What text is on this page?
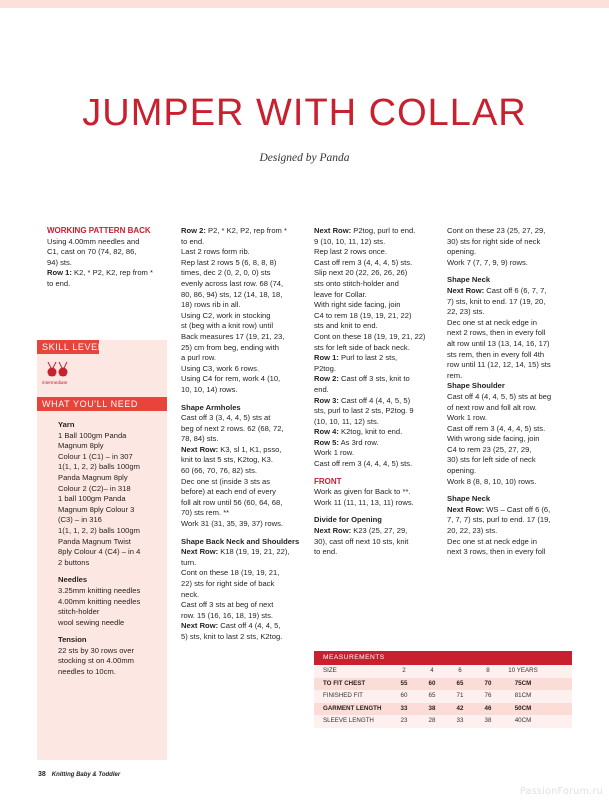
JUMPER WITH COLLAR
Designed by Panda
SKILL LEVEL
intermediate
WHAT YOU'LL NEED

Yarn

1 Ball 100gm Panda

Magnum 8ply

Colour 1 (C1) – in 307

1(1, 1, 2, 2) balls 100gm

Panda Magnum 8ply

Colour 2 (C2)– in 318

1 ball 100gm Panda

Magnum 8ply Colour 3

(C3) – in 316

1(1, 1, 2, 2) balls 100gm

Panda Magnum Twist

8ply Colour 4 (C4) – in 4

2 buttons

Needles

3.25mm knitting needles

4.00mm knitting needles

stitch-holder

wool sewing needle

Tension

22 sts by 30 rows over

stocking st on 4.00mm

needles to 10cm.

WORKING PATTERN BACK

Using 4.00mm needles and

C1, cast on 70 (74, 82, 86,

94) sts.

Row 1: K2, * P2, K2, rep from *

to end.

Row 2: P2, * K2, P2, rep from *

to end.

Last 2 rows form rib.

Rep last 2 rows 5 (6, 8, 8, 8)

times, dec 2 (0, 2, 0, 0) sts

evenly across last row. 68 (74,

80, 86, 94) sts, 12 (14, 18, 18,

18) rows rib in all.

Using C2, work in stocking

st (beg with a knit row) until

Back measures 17 (19, 21, 23,

25) cm from beg, ending with

a purl row.

Using C3, work 6 rows.

Using C4 for rem, work 4 (10,

10, 10, 14) rows.

Shape Armholes

Cast off 3 (3, 4, 4, 5) sts at

beg of next 2 rows. 62 (68, 72,

78, 84) sts.

Next Row: K3, sl 1, K1, psso,

knit to last 5 sts, K2tog, K3.

60 (66, 70, 76, 82) sts.

Dec one st (inside 3 sts as

before) at each end of every

foll alt row until 56 (60, 64, 68,

70) sts rem. **

Work 31 (31, 35, 39, 37) rows.

Shape Back Neck and Shoulders

Next Row: K18 (19, 19, 21, 22),

turn.

Cont on these 18 (19, 19, 21,

22) sts for right side of back

neck.

Cast off 3 sts at beg of next

row. 15 (16, 16, 18, 19) sts.

Next Row: Cast off 4 (4, 4, 5,

5) sts, knit to last 2 sts, K2tog.

Next Row: P2tog, purl to end.

9 (10, 10, 11, 12) sts.

Rep last 2 rows once.

Cast off rem 3 (4, 4, 4, 5) sts.

Slip next 20 (22, 26, 26, 26)

sts onto stitch-holder and

leave for Collar.

With right side facing, join

C4 to rem 18 (19, 19, 21, 22)

sts and knit to end.

Cont on these 18 (19, 19, 21, 22)

sts for left side of back neck.

Row 1: Purl to last 2 sts,

P2tog.

Row 2: Cast off 3 sts, knit to

end.

Row 3: Cast off 4 (4, 4, 5, 5)

sts, purl to last 2 sts, P2tog. 9

(10, 10, 11, 12) sts.

Row 4: K2tog, knit to end.

Row 5: As 3rd row.

Work 1 row.

Cast off rem 3 (4, 4, 4, 5) sts.

FRONT

Work as given for Back to **.

Work 11 (11, 11, 13, 11) rows.

Divide for Opening

Next Row: K23 (25, 27, 29,

30), cast off next 10 sts, knit

to end.

Cont on these 23 (25, 27, 29,

30) sts for right side of neck

opening.

Work 7 (7, 7, 9, 9) rows.

Shape Neck

Next Row: Cast off 6 (6, 7, 7,

7) sts, knit to end. 17 (19, 20,

22, 23) sts.

Dec one st at neck edge in

next 2 rows, then in every foll

alt row until 13 (13, 14, 16, 17)

sts rem, then in every foll 4th

row until 11 (12, 12, 14, 15) sts

rem.

Shape Shoulder

Cast off 4 (4, 4, 5, 5) sts at beg

of next row and foll alt row.

Work 1 row.

Cast off rem 3 (4, 4, 4, 5) sts.

With wrong side facing, join

C4 to rem 23 (25, 27, 29,

30) sts for left side of neck

opening.

Work 8 (8, 8, 10, 10) rows.

Shape Neck

Next Row: WS – Cast off 6 (6,

7, 7, 7) sts, purl to end. 17 (19,

20, 22, 23) sts.

Dec one st at neck edge in

next 3 rows, then in every foll

MEASUREMENTS
SIZE	2	4	6	8	10 YEARS
TO FIT CHEST	55	60	65	70	75CM
FINISHED FIT	60	65	71	76	81CM
GARMENT LENGTH	33	38	42	46	50CM
SLEEVE LENGTH	23	28	33	38	40CM
38 Knitting Baby & Toddler
PassionForum.ru
